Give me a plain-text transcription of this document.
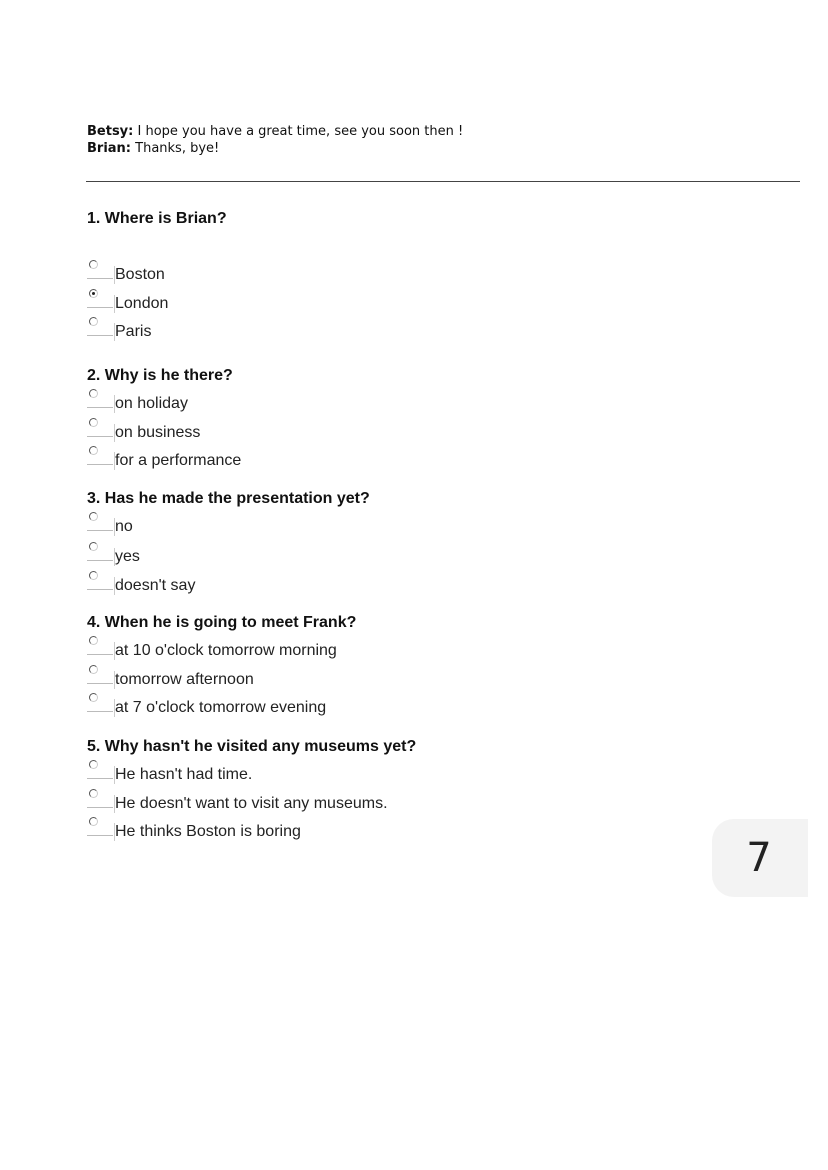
Betsy: I hope you have a great time, see you soon then !
Brian: Thanks, bye!
1. Where is Brian?
Boston
London
Paris
2. Why is he there?
on holiday
on business
for a performance
3. Has he made the presentation yet?
no
yes
doesn't say
4. When he is going to meet Frank?
at 10 o'clock tomorrow morning
tomorrow afternoon
at 7 o'clock tomorrow evening
5. Why hasn't he visited any museums yet?
He hasn't had time.
He doesn't want to visit any museums.
He thinks Boston is boring
7
